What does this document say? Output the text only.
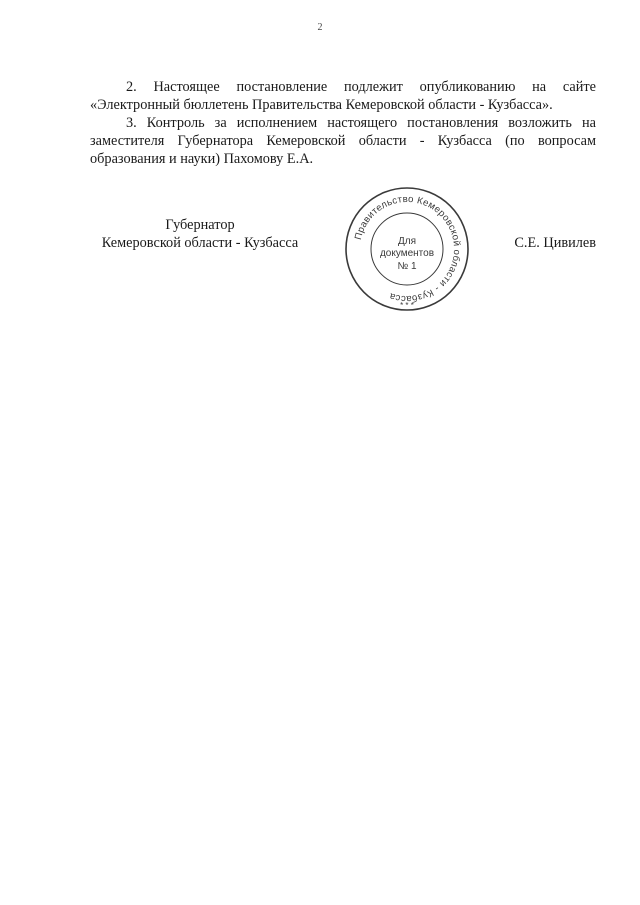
2

2. Настоящее постановление подлежит опубликованию на сайте «Электронный бюллетень Правительства Кемеровской области - Кузбасса».

3. Контроль за исполнением настоящего постановления возложить на заместителя Губернатора Кемеровской области - Кузбасса (по вопросам образования и науки) Пахомову Е.А.

Губернатор
Кемеровской области - Кузбасса	Правительство Кемеровской области - Кузбасса
Для
документов
№ 1
* * *
С.Е. Цивилев
